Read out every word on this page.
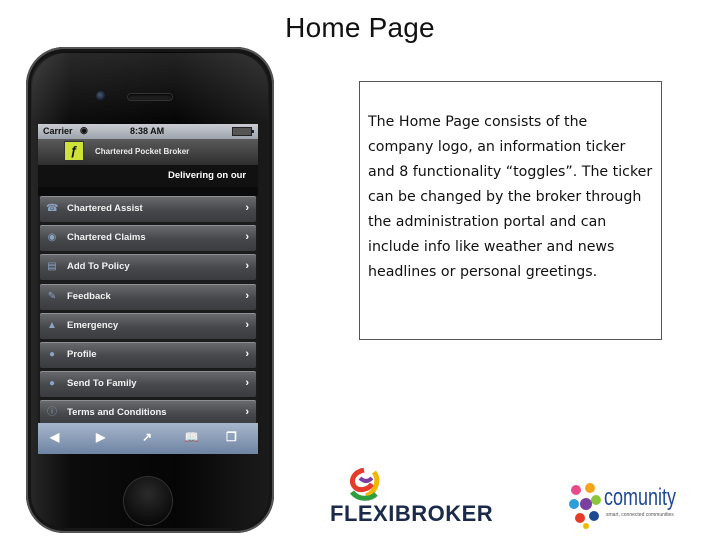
Home Page
Carrier ◉	8:38 AM
ƒ	Chartered Pocket Broker
Delivering on our
☎ Chartered Assist	›
◉ Chartered Claims	›
▤ Add To Policy	›
✎ Feedback	›
▲ Emergency	›
●	Profile	›
●	Send To Family	›
ⓘ Terms and Conditions	›
◀	▶	↗	📖 ❐

The Home Page consists of the company logo, an information ticker and 8 functionality “toggles”. The ticker can be changed by the broker through the administration portal and can include info like weather and news headlines or personal greetings.

FLEXIBROKER
comunity
smart, connected communities
